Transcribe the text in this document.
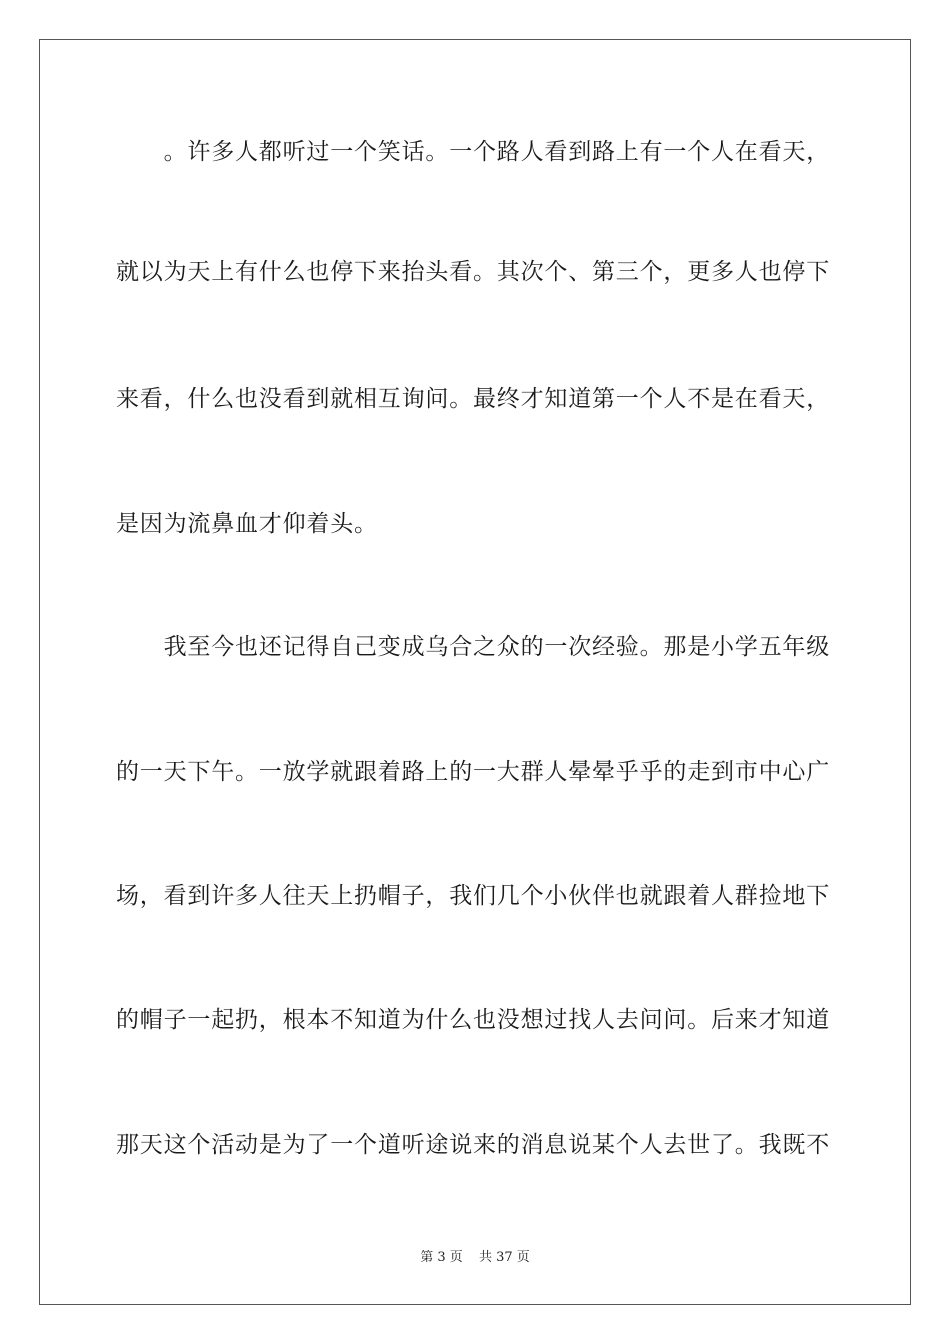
　　。许多人都听过一个笑话。一个路人看到路上有一个人在看天，
就以为天上有什么也停下来抬头看。其次个、第三个，更多人也停下
来看，什么也没看到就相互询问。最终才知道第一个人不是在看天，
是因为流鼻血才仰着头。
　　我至今也还记得自己变成乌合之众的一次经验。那是小学五年级
的一天下午。一放学就跟着路上的一大群人晕晕乎乎的走到市中心广
场，看到许多人往天上扔帽子，我们几个小伙伴也就跟着人群捡地下
的帽子一起扔，根本不知道为什么也没想过找人去问问。后来才知道
那天这个活动是为了一个道听途说来的消息说某个人去世了。我既不
第 3 页 共 37 页
